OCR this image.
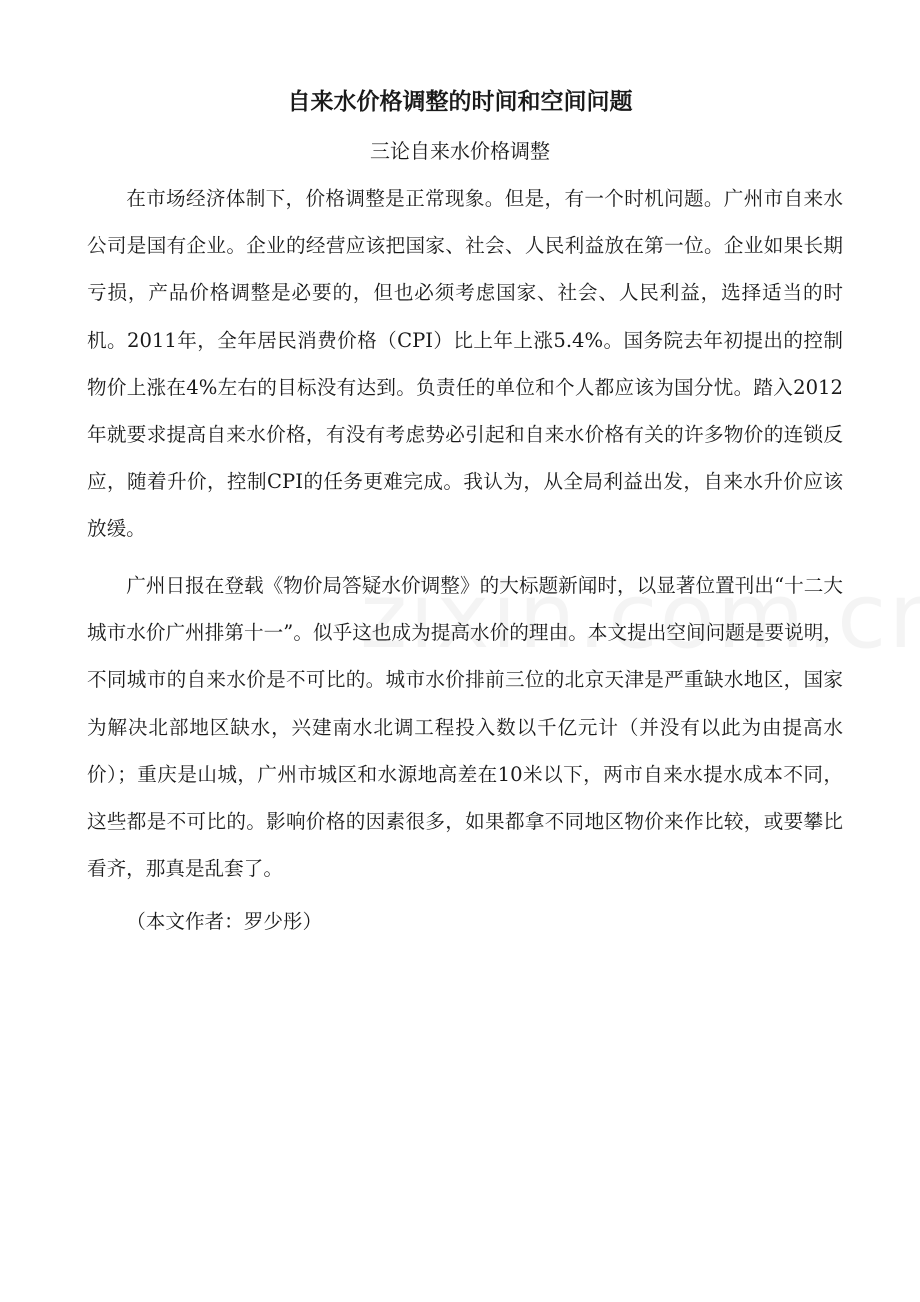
自来水价格调整的时间和空间问题
三论自来水价格调整

在市场经济体制下，价格调整是正常现象。但是，有一个时机问题。广州市自来水公司是国有企业。企业的经营应该把国家、社会、人民利益放在第一位。企业如果长期亏损，产品价格调整是必要的，但也必须考虑国家、社会、人民利益，选择适当的时机。2011年，全年居民消费价格（CPI）比上年上涨5.4%。国务院去年初提出的控制物价上涨在4%左右的目标没有达到。负责任的单位和个人都应该为国分忧。踏入2012年就要求提高自来水价格，有没有考虑势必引起和自来水价格有关的许多物价的连锁反应，随着升价，控制CPI的任务更难完成。我认为，从全局利益出发，自来水升价应该放缓。

广州日报在登载《物价局答疑水价调整》的大标题新闻时，以显著位置刊出“十二大城市水价广州排第十一”。似乎这也成为提高水价的理由。本文提出空间问题是要说明，不同城市的自来水价是不可比的。城市水价排前三位的北京天津是严重缺水地区，国家为解决北部地区缺水，兴建南水北调工程投入数以千亿元计（并没有以此为由提高水价）；重庆是山城，广州市城区和水源地高差在10米以下，两市自来水提水成本不同，这些都是不可比的。影响价格的因素很多，如果都拿不同地区物价来作比较，或要攀比看齐，那真是乱套了。

（本文作者：罗少彤）
